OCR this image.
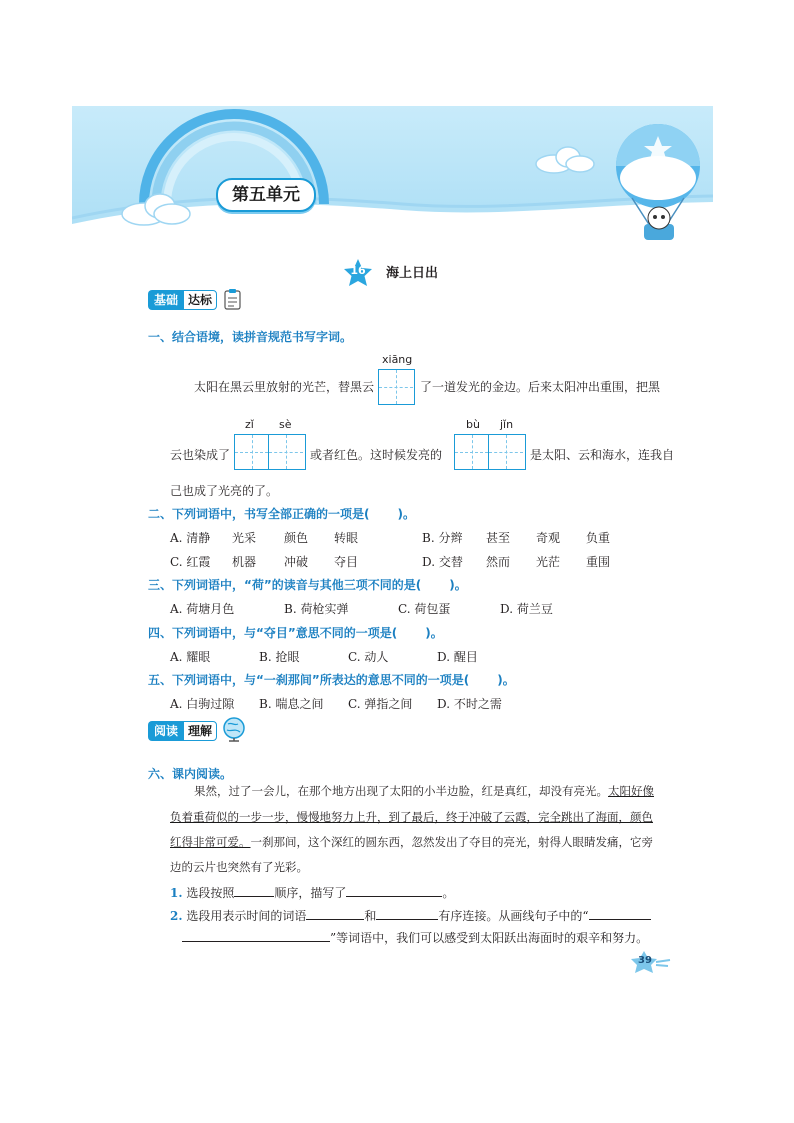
第五单元
16	海上日出
基础 达标
一、结合语境，读拼音规范书写字词。
xiāng
太阳在黑云里放射的光芒，替黑云	了一道发光的金边。后来太阳冲出重围，把黑
zǐ sè	bù jǐn
云也染成了	或者红色。这时候发亮的	是太阳、云和海水，连我自
己也成了光亮的了。
二、下列词语中，书写全部正确的一项是( )。
A. 清静 光采 颜色 转眼	B. 分辫 甚至 奇观 负重
C. 红霞 机器 冲破 夺目	D. 交替 然而 光茫 重围
三、下列词语中，“荷”的读音与其他三项不同的是( )。
A. 荷塘月色	B. 荷枪实弹	C. 荷包蛋	D. 荷兰豆
四、下列词语中，与“夺目”意思不同的一项是( )。
A. 耀眼	B. 抢眼	C. 动人	D. 醒目
五、下列词语中，与“一刹那间”所表达的意思不同的一项是( )。
A. 白驹过隙 B. 喘息之间 C. 弹指之间 D. 不时之需
阅读 理解
六、课内阅读。
果然，过了一会儿，在那个地方出现了太阳的小半边脸，红是真红，却没有亮光。太阳好像
负着重荷似的一步一步，慢慢地努力上升，到了最后，终于冲破了云霞，完全跳出了海面，颜色
红得非常可爱。一刹那间，这个深红的圆东西，忽然发出了夺目的亮光，射得人眼睛发痛，它旁
边的云片也突然有了光彩。
1. 选段按照	顺序，描写了	。
2. 选段用表示时间的词语	和	有序连接。从画线句子中的“
”等词语中，我们可以感受到太阳跃出海面时的艰辛和努力。
39
